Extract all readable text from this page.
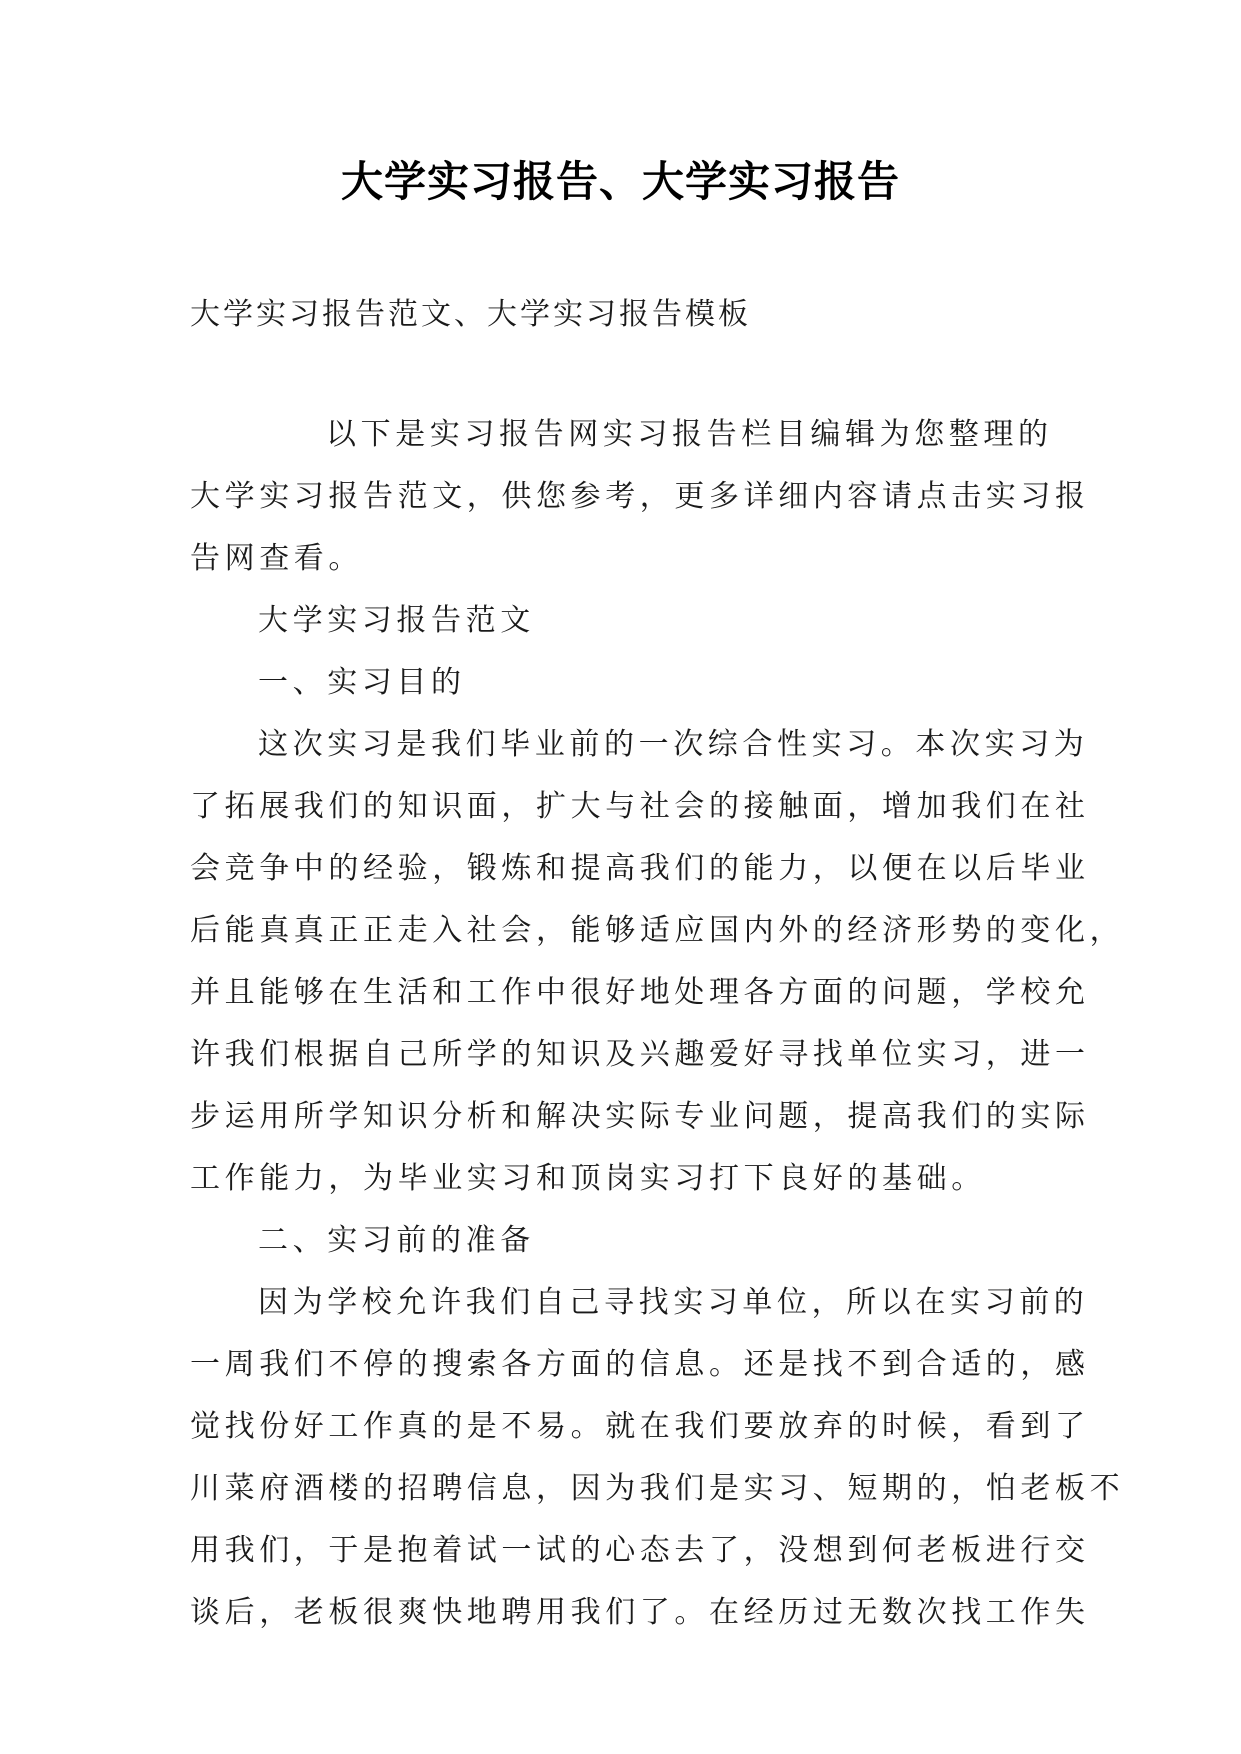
大学实习报告、大学实习报告
大学实习报告范文、大学实习报告模板
以下是实习报告网实习报告栏目编辑为您整理的
大学实习报告范文，供您参考，更多详细内容请点击实习报
告网查看。
大学实习报告范文
一、实习目的
这次实习是我们毕业前的一次综合性实习。本次实习为
了拓展我们的知识面，扩大与社会的接触面，增加我们在社
会竞争中的经验，锻炼和提高我们的能力，以便在以后毕业
后能真真正正走入社会，能够适应国内外的经济形势的变化，
并且能够在生活和工作中很好地处理各方面的问题，学校允
许我们根据自己所学的知识及兴趣爱好寻找单位实习，进一
步运用所学知识分析和解决实际专业问题，提高我们的实际
工作能力，为毕业实习和顶岗实习打下良好的基础。
二、实习前的准备
因为学校允许我们自己寻找实习单位，所以在实习前的
一周我们不停的搜索各方面的信息。还是找不到合适的，感
觉找份好工作真的是不易。就在我们要放弃的时候，看到了
川菜府酒楼的招聘信息，因为我们是实习、短期的，怕老板不
用我们，于是抱着试一试的心态去了，没想到何老板进行交
谈后，老板很爽快地聘用我们了。在经历过无数次找工作失
